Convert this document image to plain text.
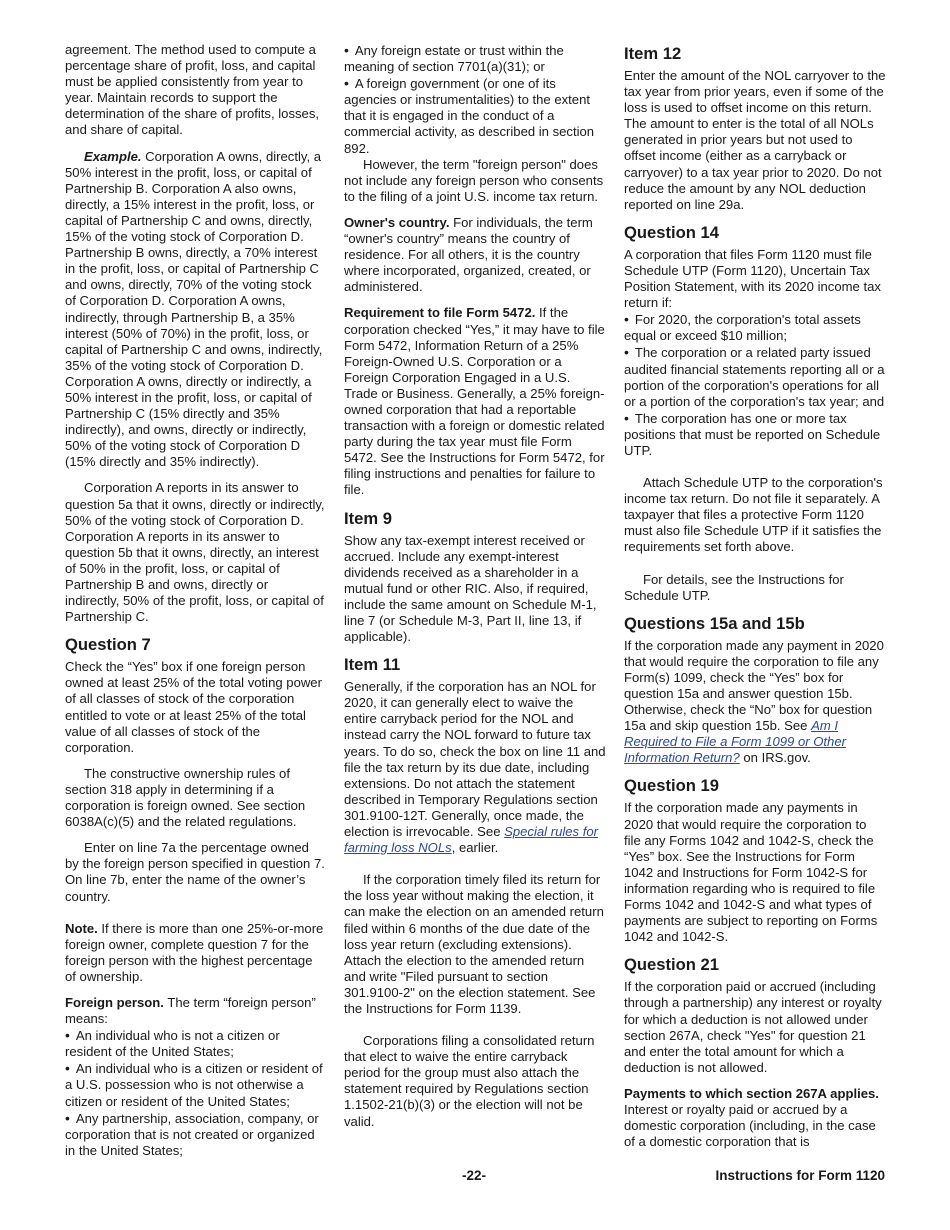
agreement. The method used to compute a percentage share of profit, loss, and capital must be applied consistently from year to year. Maintain records to support the determination of the share of profits, losses, and share of capital.

Example. Corporation A owns, directly, a 50% interest in the profit, loss, or capital of Partnership B. Corporation A also owns, directly, a 15% interest in the profit, loss, or capital of Partnership C and owns, directly, 15% of the voting stock of Corporation D. Partnership B owns, directly, a 70% interest in the profit, loss, or capital of Partnership C and owns, directly, 70% of the voting stock of Corporation D. Corporation A owns, indirectly, through Partnership B, a 35% interest (50% of 70%) in the profit, loss, or capital of Partnership C and owns, indirectly, 35% of the voting stock of Corporation D. Corporation A owns, directly or indirectly, a 50% interest in the profit, loss, or capital of Partnership C (15% directly and 35% indirectly), and owns, directly or indirectly, 50% of the voting stock of Corporation D (15% directly and 35% indirectly).

Corporation A reports in its answer to question 5a that it owns, directly or indirectly, 50% of the voting stock of Corporation D. Corporation A reports in its answer to question 5b that it owns, directly, an interest of 50% in the profit, loss, or capital of Partnership B and owns, directly or indirectly, 50% of the profit, loss, or capital of Partnership C.

Question 7

Check the “Yes” box if one foreign person owned at least 25% of the total voting power of all classes of stock of the corporation entitled to vote or at least 25% of the total value of all classes of stock of the corporation.

The constructive ownership rules of section 318 apply in determining if a corporation is foreign owned. See section 6038A(c)(5) and the related regulations.

Enter on line 7a the percentage owned by the foreign person specified in question 7. On line 7b, enter the name of the owner’s country.

Note. If there is more than one 25%-or-more foreign owner, complete question 7 for the foreign person with the highest percentage of ownership.

Foreign person. The term “foreign person” means:

• An individual who is not a citizen or resident of the United States;

• An individual who is a citizen or resident of a U.S. possession who is not otherwise a citizen or resident of the United States;

• Any partnership, association, company, or corporation that is not created or organized in the United States;

• Any foreign estate or trust within the meaning of section 7701(a)(31); or

• A foreign government (or one of its agencies or instrumentalities) to the extent that it is engaged in the conduct of a commercial activity, as described in section 892.

However, the term "foreign person" does not include any foreign person who consents to the filing of a joint U.S. income tax return.

Owner's country. For individuals, the term “owner's country” means the country of residence. For all others, it is the country where incorporated, organized, created, or administered.

Requirement to file Form 5472. If the corporation checked “Yes,” it may have to file Form 5472, Information Return of a 25% Foreign-Owned U.S. Corporation or a Foreign Corporation Engaged in a U.S. Trade or Business. Generally, a 25% foreign-owned corporation that had a reportable transaction with a foreign or domestic related party during the tax year must file Form 5472. See the Instructions for Form 5472, for filing instructions and penalties for failure to file.

Item 9

Show any tax-exempt interest received or accrued. Include any exempt-interest dividends received as a shareholder in a mutual fund or other RIC. Also, if required, include the same amount on Schedule M-1, line 7 (or Schedule M-3, Part II, line 13, if applicable).

Item 11

Generally, if the corporation has an NOL for 2020, it can generally elect to waive the entire carryback period for the NOL and instead carry the NOL forward to future tax years. To do so, check the box on line 11 and file the tax return by its due date, including extensions. Do not attach the statement described in Temporary Regulations section 301.9100-12T. Generally, once made, the election is irrevocable. See Special rules for farming loss NOLs, earlier.

If the corporation timely filed its return for the loss year without making the election, it can make the election on an amended return filed within 6 months of the due date of the loss year return (excluding extensions). Attach the election to the amended return and write "Filed pursuant to section 301.9100-2" on the election statement. See the Instructions for Form 1139.

Corporations filing a consolidated return that elect to waive the entire carryback period for the group must also attach the statement required by Regulations section 1.1502-21(b)(3) or the election will not be valid.

Item 12

Enter the amount of the NOL carryover to the tax year from prior years, even if some of the loss is used to offset income on this return. The amount to enter is the total of all NOLs generated in prior years but not used to offset income (either as a carryback or carryover) to a tax year prior to 2020. Do not reduce the amount by any NOL deduction reported on line 29a.

Question 14

A corporation that files Form 1120 must file Schedule UTP (Form 1120), Uncertain Tax Position Statement, with its 2020 income tax return if:

• For 2020, the corporation's total assets equal or exceed $10 million;

• The corporation or a related party issued audited financial statements reporting all or a portion of the corporation's operations for all or a portion of the corporation's tax year; and

• The corporation has one or more tax positions that must be reported on Schedule UTP.

Attach Schedule UTP to the corporation's income tax return. Do not file it separately. A taxpayer that files a protective Form 1120 must also file Schedule UTP if it satisfies the requirements set forth above.

For details, see the Instructions for Schedule UTP.

Questions 15a and 15b

If the corporation made any payment in 2020 that would require the corporation to file any Form(s) 1099, check the “Yes” box for question 15a and answer question 15b. Otherwise, check the “No” box for question 15a and skip question 15b. See Am I Required to File a Form 1099 or Other Information Return? on IRS.gov.

Question 19

If the corporation made any payments in 2020 that would require the corporation to file any Forms 1042 and 1042-S, check the “Yes” box. See the Instructions for Form 1042 and Instructions for Form 1042-S for information regarding who is required to file Forms 1042 and 1042-S and what types of payments are subject to reporting on Forms 1042 and 1042-S.

Question 21

If the corporation paid or accrued (including through a partnership) any interest or royalty for which a deduction is not allowed under section 267A, check "Yes" for question 21 and enter the total amount for which a deduction is not allowed.

Payments to which section 267A applies. Interest or royalty paid or accrued by a domestic corporation (including, in the case of a domestic corporation that is

-22-	Instructions for Form 1120
